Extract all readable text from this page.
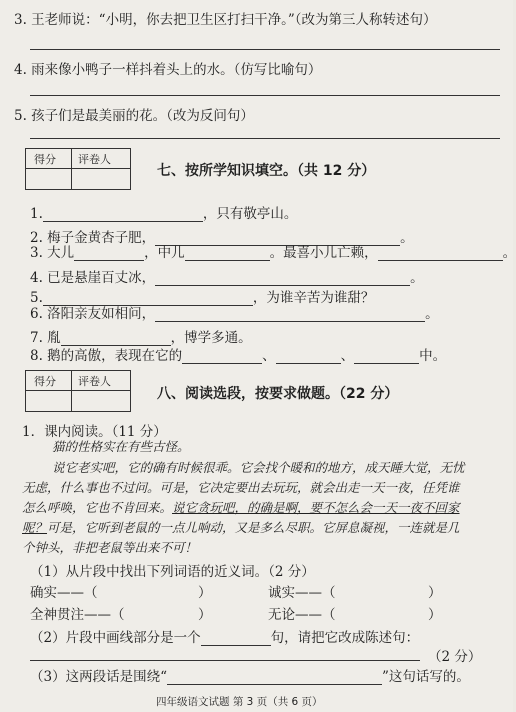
3. 王老师说：“小明，你去把卫生区打扫干净。”（改为第三人称转述句）
4. 雨来像小鸭子一样抖着头上的水。（仿写比喻句）
5. 孩子们是最美丽的花。（改为反问句）
得分 评卷人
七、按所学知识填空。（共 12 分）
1.	，只有敬亭山。
2. 梅子金黄杏子肥，	。
3. 大儿	，中儿	。最喜小儿亡赖，	。
4. 已是悬崖百丈冰，	。
5.	，为谁辛苦为谁甜？
6. 洛阳亲友如相问，	。
7. 胤	，博学多通。
8. 鹅的高傲，表现在它的	、	、	中。
得分 评卷人
八、阅读选段，按要求做题。（22 分）
1．课内阅读。（11 分）
猫的性格实在有些古怪。
说它老实吧，它的确有时候很乖。它会找个暖和的地方，成天睡大觉，无忧
无虑，什么事也不过问。可是，它决定要出去玩玩，就会出走一天一夜，任凭谁
怎么呼唤，它也不肯回来。说它贪玩吧，的确是啊，要不怎么会一天一夜不回家
呢？可是，它听到老鼠的一点儿响动，又是多么尽职。它屏息凝视，一连就是几
个钟头，非把老鼠等出来不可！
（1）从片段中找出下列词语的近义词。（2 分）
确实——（	）	诚实——（	）
全神贯注——（	）	无论——（	）
（2）片段中画线部分是一个	句，请把它改成陈述句：
（2 分）
（3）这两段话是围绕“	”这句话写的。
四年级语文试题 第 3 页（共 6 页）
